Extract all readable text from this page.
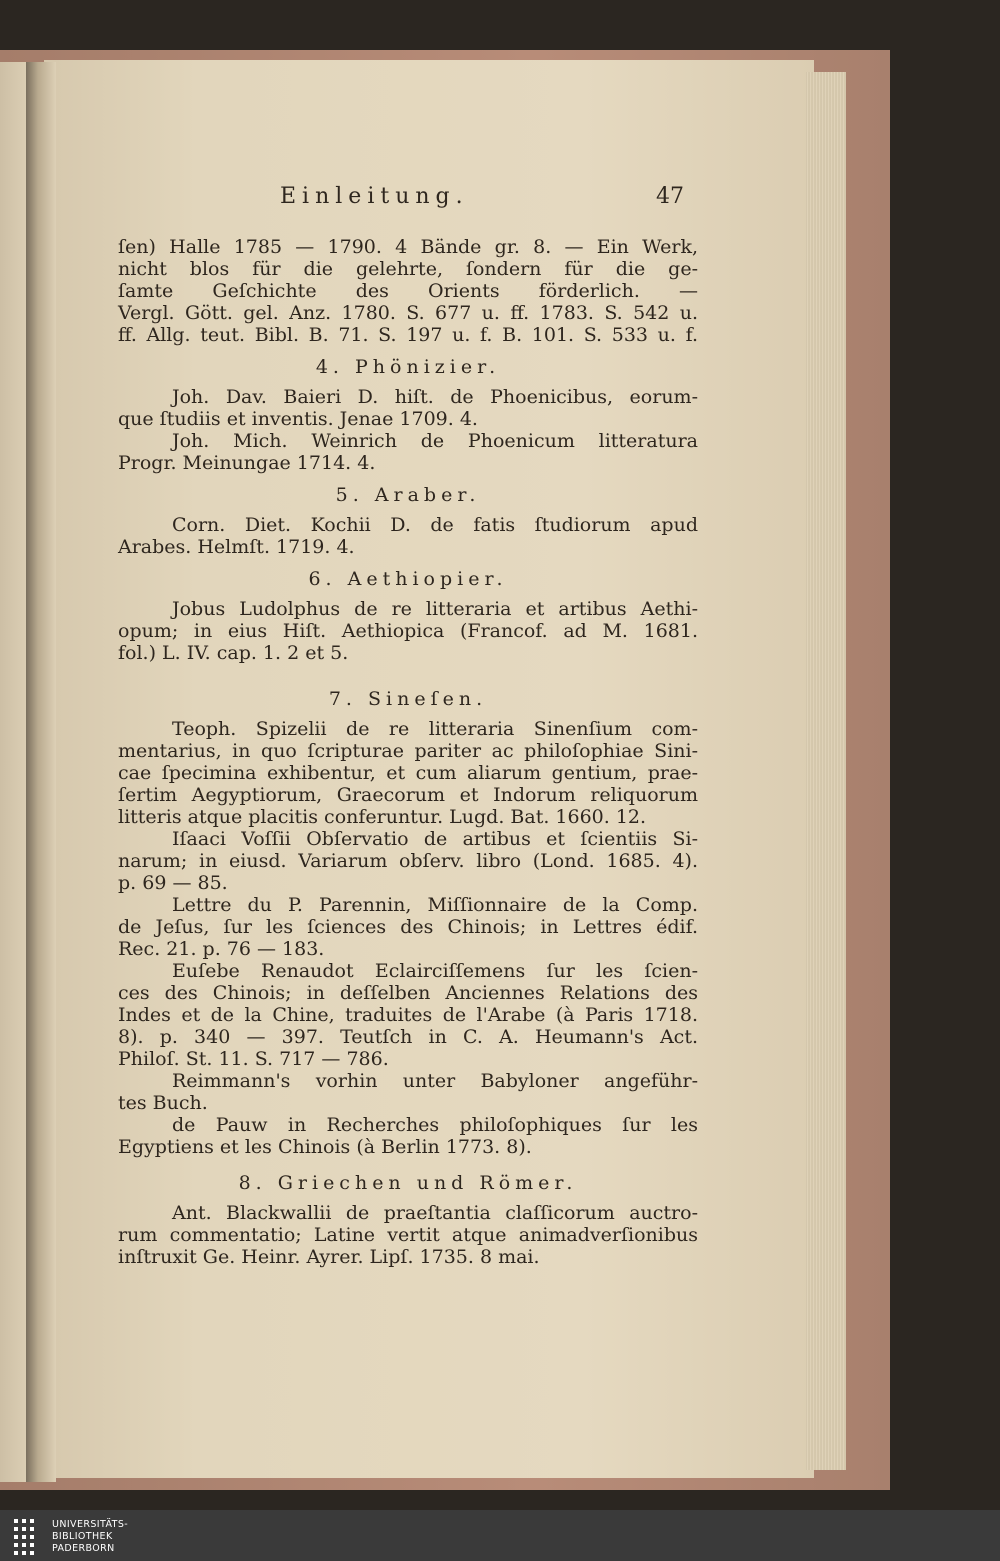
Einleitung.	47
ſen) Halle 1785 — 1790. 4 Bände gr. 8. — Ein Werk,
nicht blos für die gelehrte, ſondern für die ge-
ſamte Geſchichte des Orients förderlich. —
Vergl. Gött. gel. Anz. 1780. S. 677 u. ff. 1783. S. 542 u.
ff. Allg. teut. Bibl. B. 71. S. 197 u. f. B. 101. S. 533 u. f.
Joh. Dav. Baieri D. hiſt. de Phoenicibus, eorum-
que ſtudiis et inventis. Jenae 1709. 4.
Joh. Mich. Weinrich de Phoenicum litteratura
Progr. Meinungae 1714. 4.
Corn. Diet. Kochii D. de fatis ſtudiorum apud
Arabes. Helmſt. 1719. 4.
Jobus Ludolphus de re litteraria et artibus Aethi-
opum; in eius Hiſt. Aethiopica (Francof. ad M. 1681.
fol.) L. IV. cap. 1. 2 et 5.
Teoph. Spizelii de re litteraria Sinenſium com-
mentarius, in quo ſcripturae pariter ac philoſophiae Sini-
cae ſpecimina exhibentur, et cum aliarum gentium, prae-
ſertim Aegyptiorum, Graecorum et Indorum reliquorum
litteris atque placitis conferuntur. Lugd. Bat. 1660. 12.
Iſaaci Voſſii Obſervatio de artibus et ſcientiis Si-
narum; in eiusd. Variarum obſerv. libro (Lond. 1685. 4).
p. 69 — 85.
Lettre du P. Parennin, Miſſionnaire de la Comp.
de Jeſus, ſur les ſciences des Chinois; in Lettres édif.
Rec. 21. p. 76 — 183.
Euſebe Renaudot Eclairciſſemens ſur les ſcien-
ces des Chinois; in deſſelben Anciennes Relations des
Indes et de la Chine, traduites de l'Arabe (à Paris 1718.
8). p. 340 — 397. Teutſch in C. A. Heumann's Act.
Philoſ. St. 11. S. 717 — 786.
Reimmann's vorhin unter Babyloner angeführ-
tes Buch.
de Pauw in Recherches philoſophiques ſur les
Egyptiens et les Chinois (à Berlin 1773. 8).
Ant. Blackwallii de praeſtantia claſſicorum auctro-
rum commentatio; Latine vertit atque animadverſionibus
inſtruxit Ge. Heinr. Ayrer. Lipſ. 1735. 8 mai.
4. Phönizier.
5. Araber.
6. Aethiopier.
7. Sineſen.
8. Griechen und Römer.
UNIVERSITÄTS-
BIBLIOTHEK
PADERBORN
